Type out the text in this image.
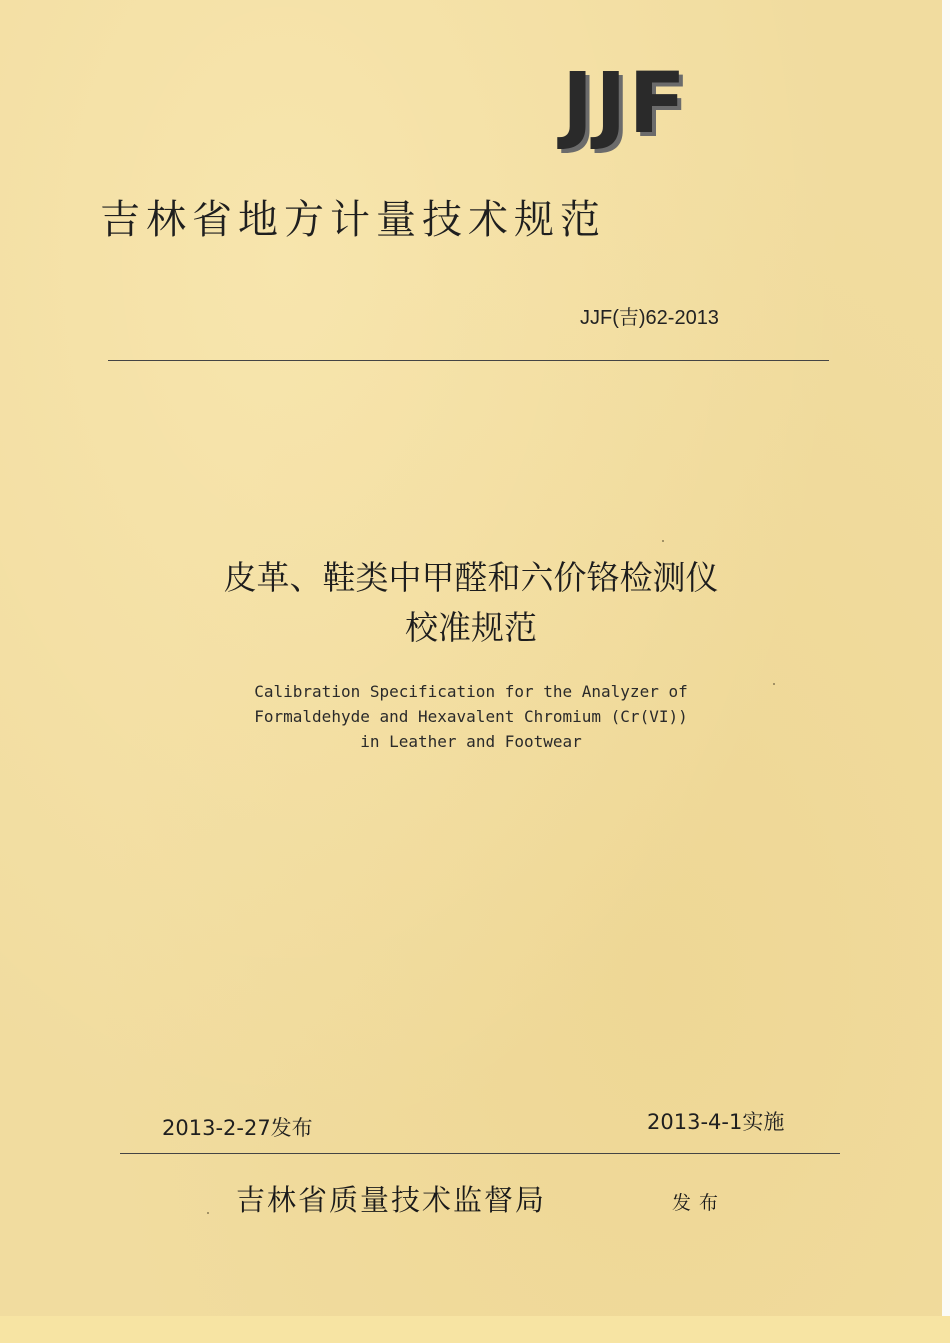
JJF
吉林省地方计量技术规范
JJF(吉)62-2013
皮革、鞋类中甲醛和六价铬检测仪
校准规范
Calibration Specification for the Analyzer of
Formaldehyde and Hexavalent Chromium (Cr(VI))
in Leather and Footwear
2013-2-27发布	2013-4-1实施
吉林省质量技术监督局	发布
